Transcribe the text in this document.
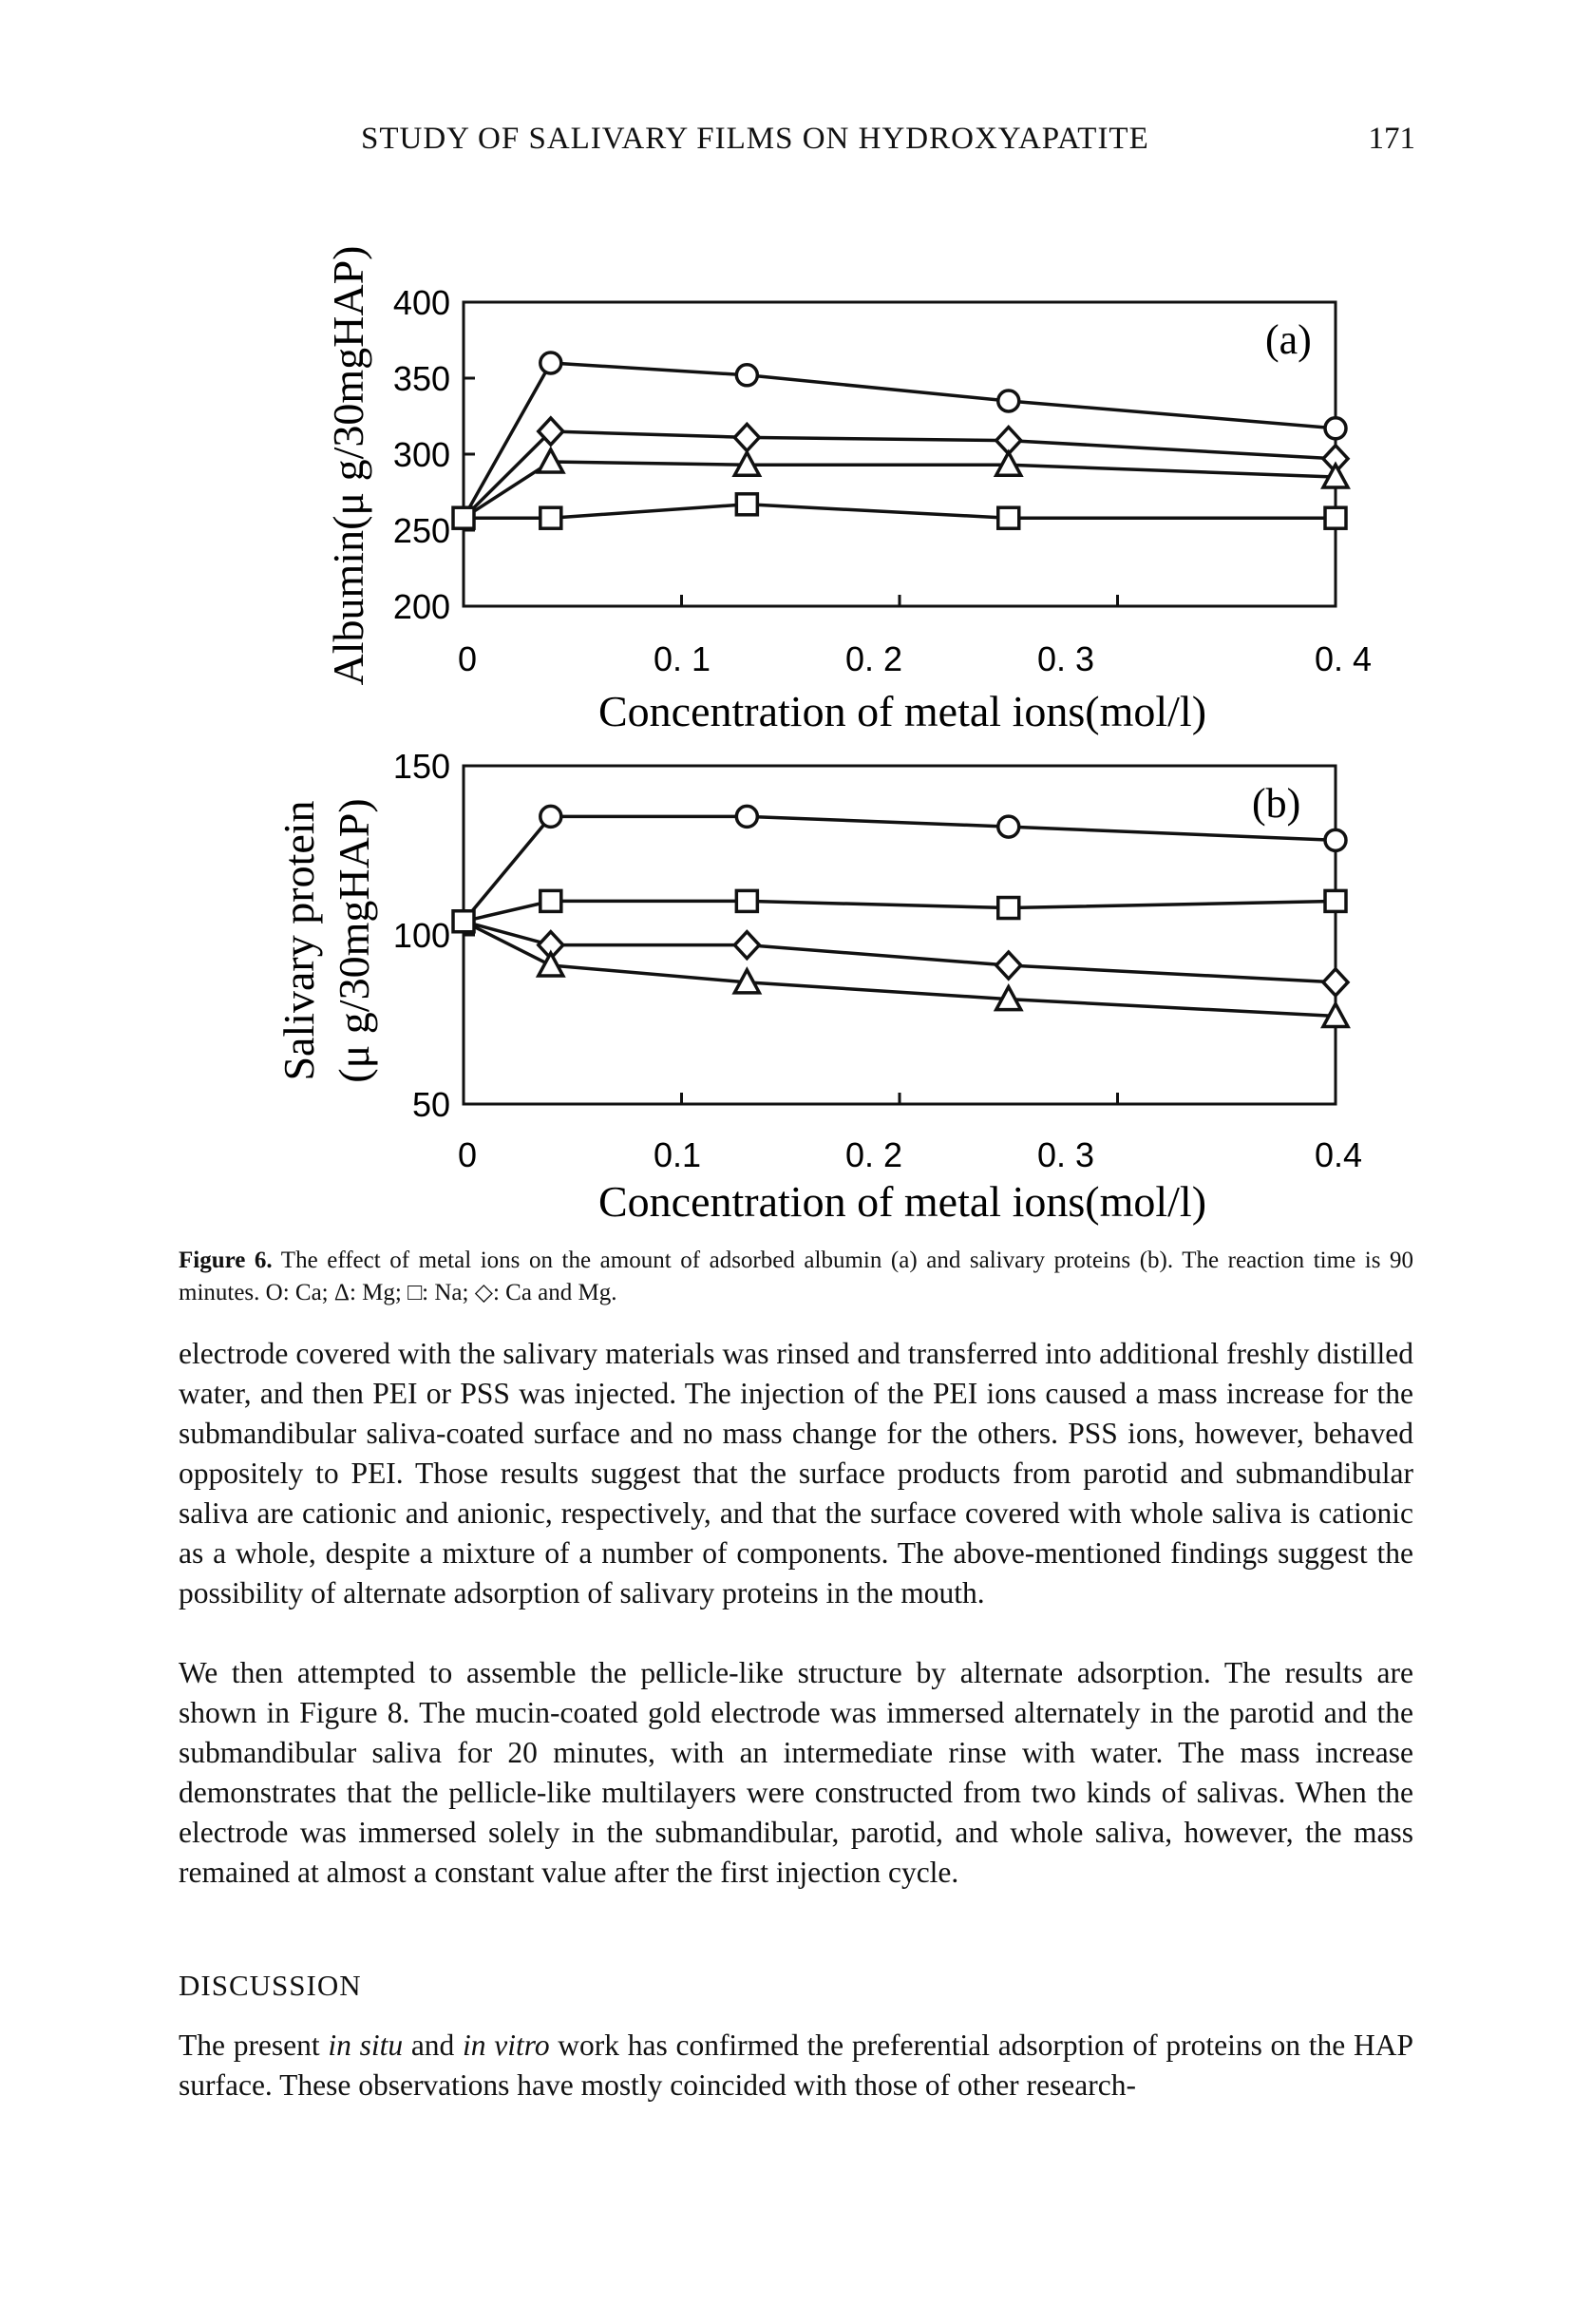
STUDY OF SALIVARY FILMS ON HYDROXYAPATITE	171
400
350
300
250
200
0	0. 1	0. 2	0. 3	0. 4
Concentration of metal ions(mol/l)
(a)
150
100
50
0	0.1	0. 2	0. 3	0.4
Concentration of metal ions(mol/l)
(b)
Albumin(μ g/30mgHAP)
Salivary protein (μ g/30mgHAP)
Figure 6. The effect of metal ions on the amount of adsorbed albumin (a) and salivary proteins (b). The reaction time is 90 minutes. O: Ca; Δ: Mg; □: Na; ◇: Ca and Mg.

electrode covered with the salivary materials was rinsed and transferred into additional freshly distilled water, and then PEI or PSS was injected. The injection of the PEI ions caused a mass increase for the submandibular saliva-coated surface and no mass change for the others. PSS ions, however, behaved oppositely to PEI. Those results suggest that the surface products from parotid and submandibular saliva are cationic and anionic, respectively, and that the surface covered with whole saliva is cationic as a whole, despite a mixture of a number of components. The above-mentioned findings suggest the possibility of alternate adsorption of salivary proteins in the mouth.

We then attempted to assemble the pellicle-like structure by alternate adsorption. The results are shown in Figure 8. The mucin-coated gold electrode was immersed alternately in the parotid and the submandibular saliva for 20 minutes, with an intermediate rinse with water. The mass increase demonstrates that the pellicle-like multilayers were constructed from two kinds of salivas. When the electrode was immersed solely in the submandibular, parotid, and whole saliva, however, the mass remained at almost a constant value after the first injection cycle.

DISCUSSION

The present in situ and in vitro work has confirmed the preferential adsorption of proteins on the HAP surface. These observations have mostly coincided with those of other research-
